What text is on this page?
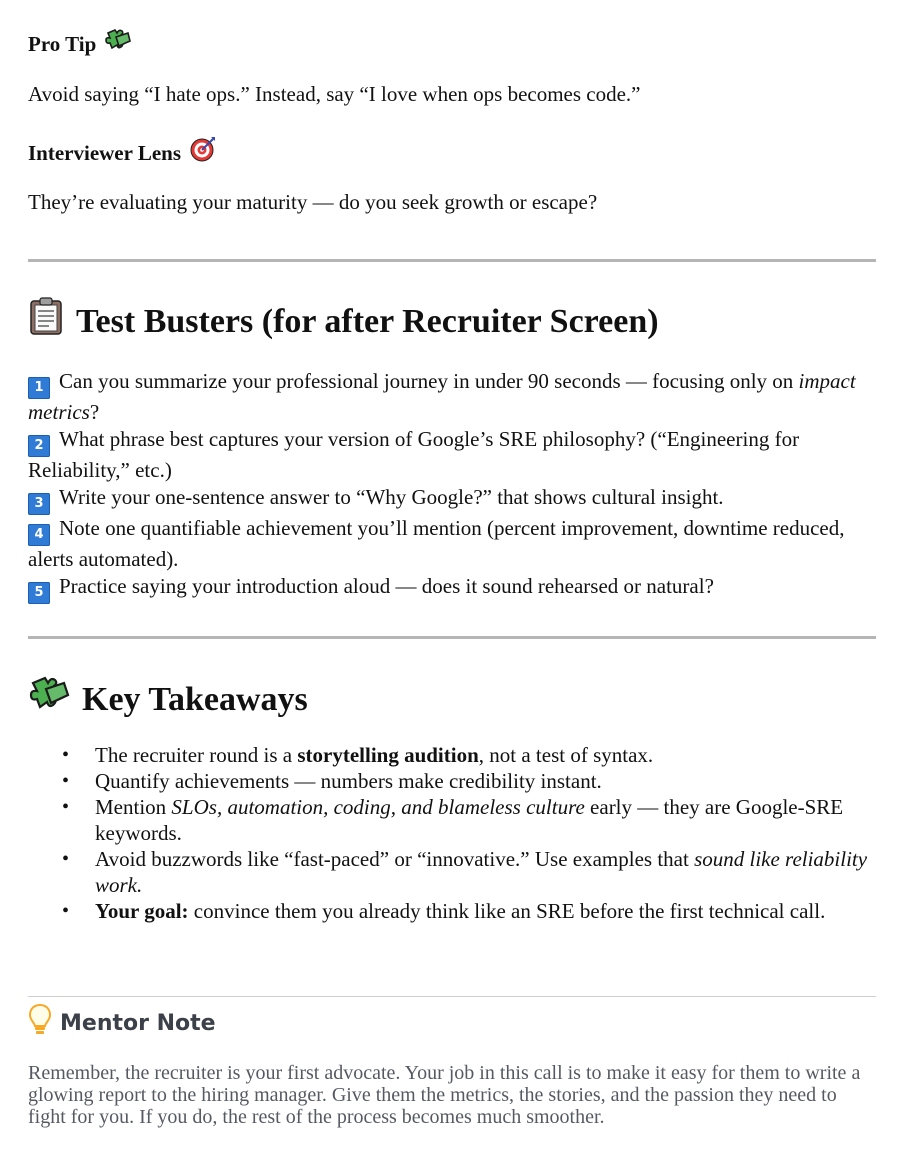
Pro Tip
Avoid saying “I hate ops.” Instead, say “I love when ops becomes code.”
Interviewer Lens
They’re evaluating your maturity — do you seek growth or escape?
Test Busters (for after Recruiter Screen)

1 Can you summarize your professional journey in under 90 seconds — focusing only on impact metrics?

2 What phrase best captures your version of Google’s SRE philosophy? (“Engineering for Reliability,” etc.)

3 Write your one-sentence answer to “Why Google?” that shows cultural insight.

4 Note one quantifiable achievement you’ll mention (percent improvement, downtime reduced, alerts automated).

5 Practice saying your introduction aloud — does it sound rehearsed or natural?

Key Takeaways
• The recruiter round is a storytelling audition, not a test of syntax.
• Quantify achievements — numbers make credibility instant.
• Mention SLOs, automation, coding, and blameless culture early — they are Google-SRE keywords.
• Avoid buzzwords like “fast-paced” or “innovative.” Use examples that sound like reliability work.
• Your goal: convince them you already think like an SRE before the first technical call.
Mentor Note
Remember, the recruiter is your first advocate. Your job in this call is to make it easy for them to write a glowing report to the hiring manager. Give them the metrics, the stories, and the passion they need to fight for you. If you do, the rest of the process becomes much smoother.
